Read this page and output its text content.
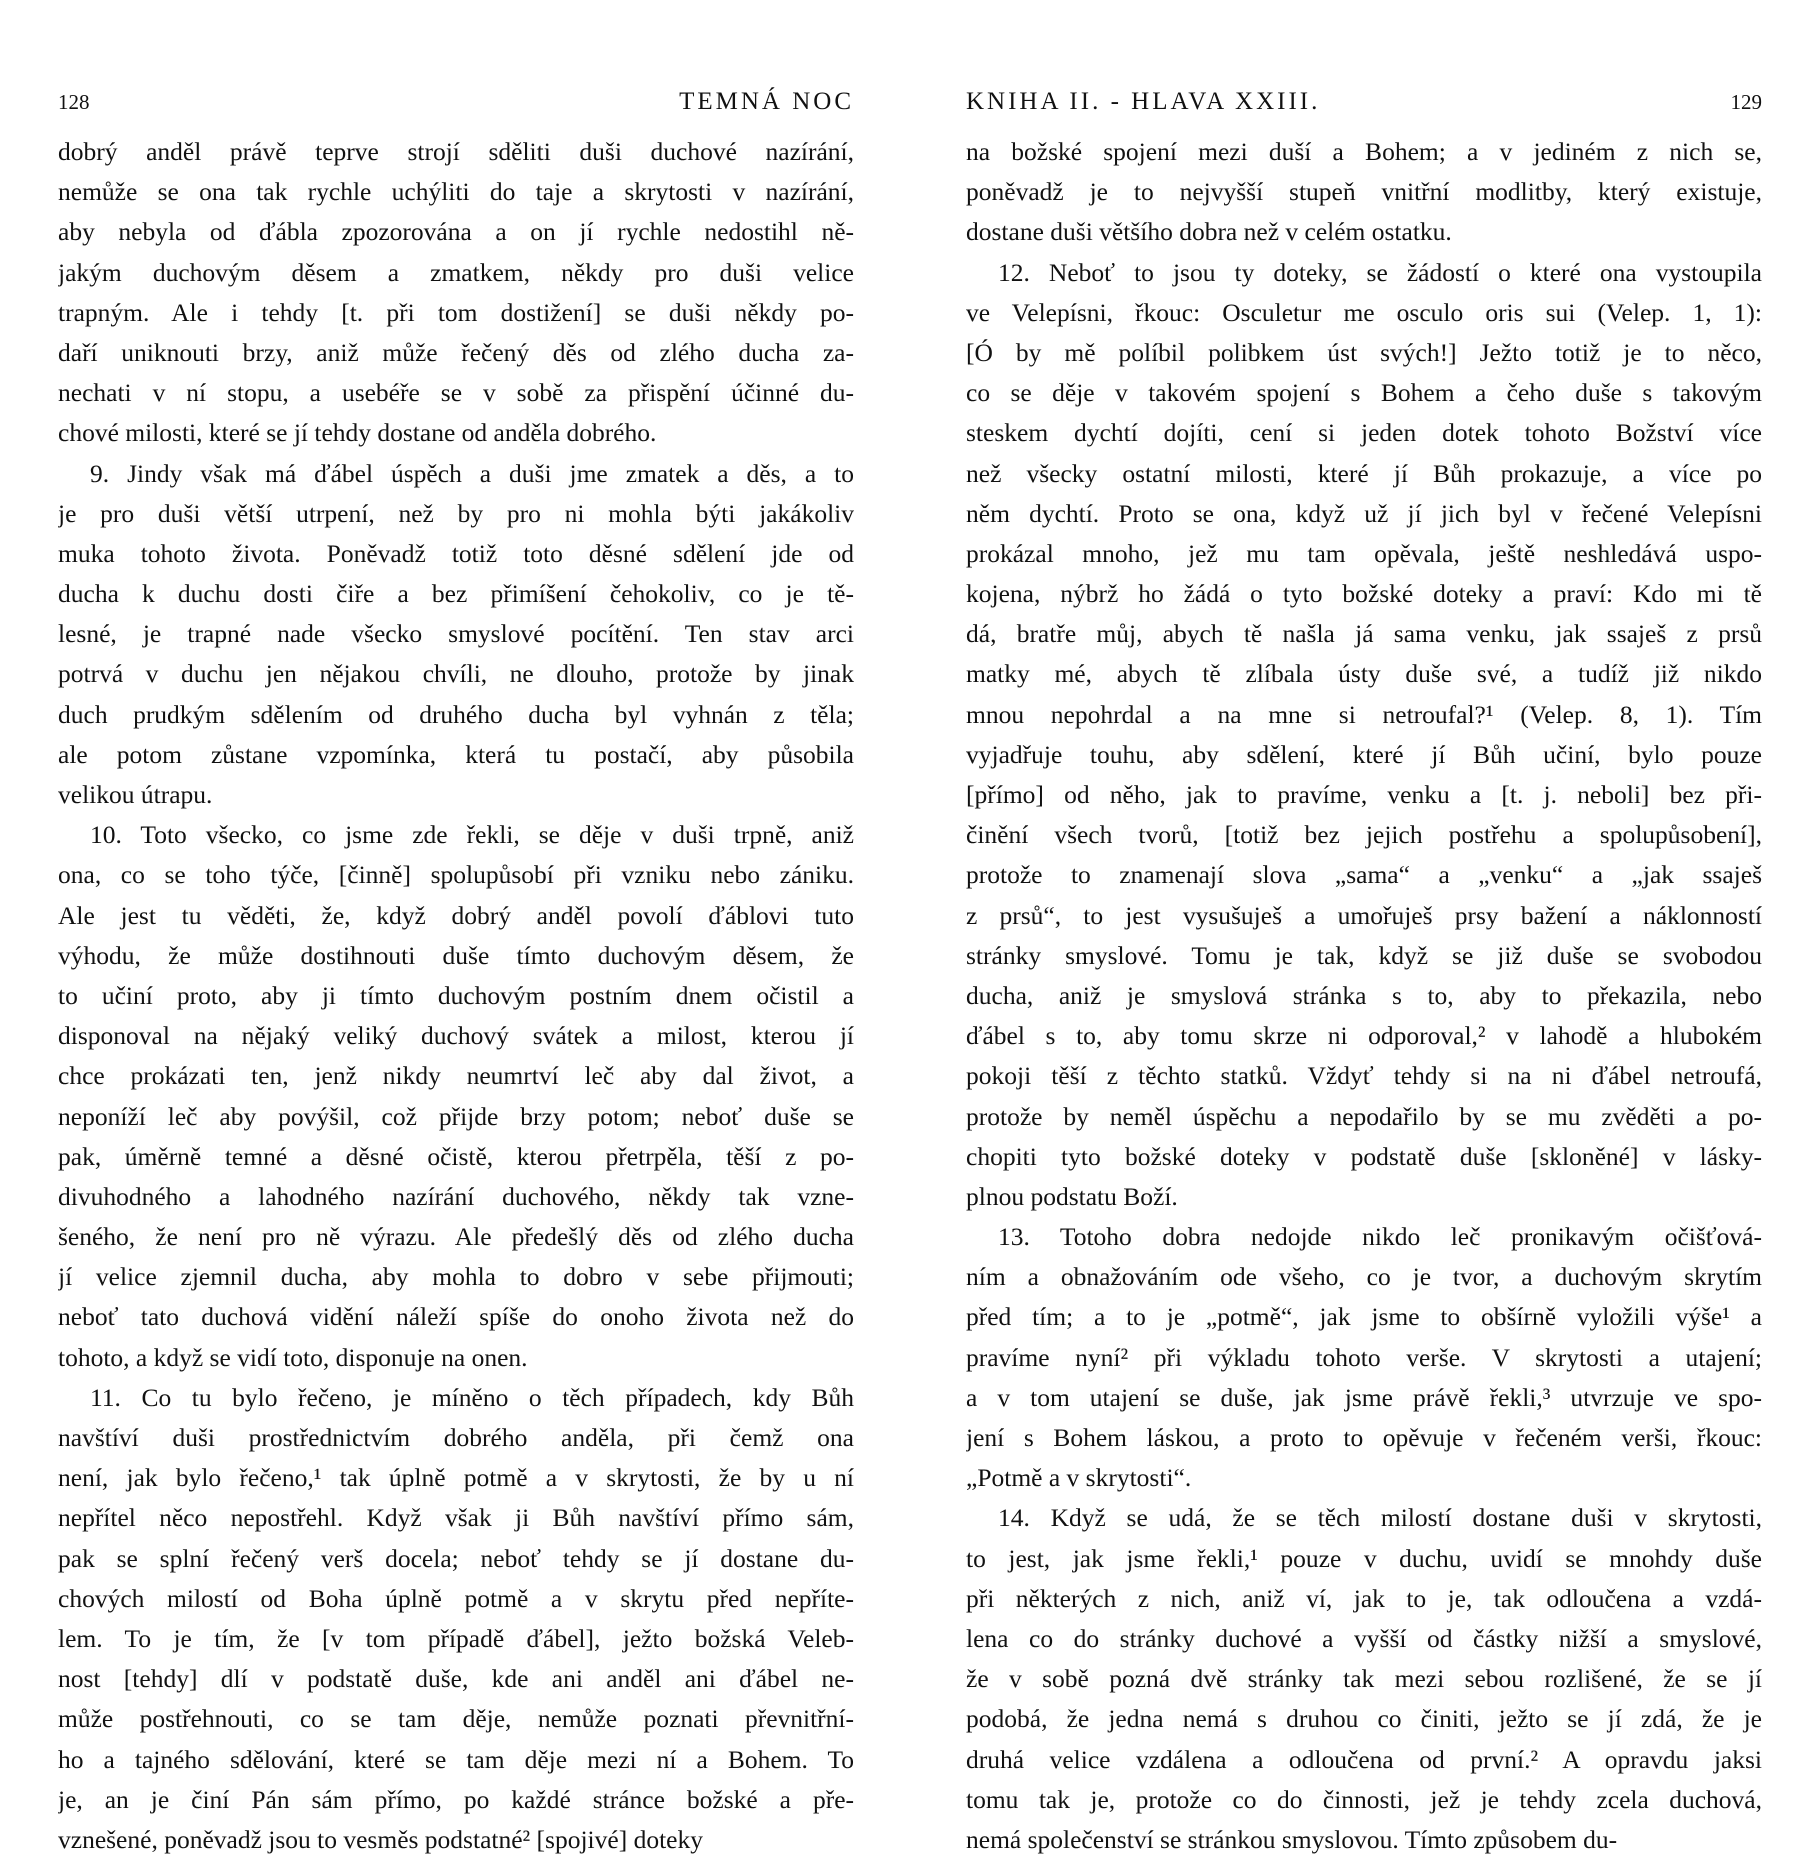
128	TEMNÁ NOC
dobrý anděl právě teprve strojí sděliti duši duchové nazírání,
nemůže se ona tak rychle uchýliti do taje a skrytosti v nazírání,
aby nebyla od ďábla zpozorována a on jí rychle nedostihl ně-
jakým duchovým děsem a zmatkem, někdy pro duši velice
trapným. Ale i tehdy [t. při tom dostižení] se duši někdy po-
daří uniknouti brzy, aniž může řečený děs od zlého ducha za-
nechati v ní stopu, a usebéře se v sobě za přispění účinné du-
chové milosti, které se jí tehdy dostane od anděla dobrého.
9. Jindy však má ďábel úspěch a duši jme zmatek a děs, a to
je pro duši větší utrpení, než by pro ni mohla býti jakákoliv
muka tohoto života. Poněvadž totiž toto děsné sdělení jde od
ducha k duchu dosti čiře a bez přimíšení čehokoliv, co je tě-
lesné, je trapné nade všecko smyslové pocítění. Ten stav arci
potrvá v duchu jen nějakou chvíli, ne dlouho, protože by jinak
duch prudkým sdělením od druhého ducha byl vyhnán z těla;
ale potom zůstane vzpomínka, která tu postačí, aby působila
velikou útrapu.
10. Toto všecko, co jsme zde řekli, se děje v duši trpně, aniž
ona, co se toho týče, [činně] spolupůsobí při vzniku nebo zániku.
Ale jest tu věděti, že, když dobrý anděl povolí ďáblovi tuto
výhodu, že může dostihnouti duše tímto duchovým děsem, že
to učiní proto, aby ji tímto duchovým postním dnem očistil a
disponoval na nějaký veliký duchový svátek a milost, kterou jí
chce prokázati ten, jenž nikdy neumrtví leč aby dal život, a
neponíží leč aby povýšil, což přijde brzy potom; neboť duše se
pak, úměrně temné a děsné očistě, kterou přetrpěla, těší z po-
divuhodného a lahodného nazírání duchového, někdy tak vzne-
šeného, že není pro ně výrazu. Ale předešlý děs od zlého ducha
jí velice zjemnil ducha, aby mohla to dobro v sebe přijmouti;
neboť tato duchová vidění náleží spíše do onoho života než do
tohoto, a když se vidí toto, disponuje na onen.
11. Co tu bylo řečeno, je míněno o těch případech, kdy Bůh
navštíví duši prostřednictvím dobrého anděla, při čemž ona
není, jak bylo řečeno,¹ tak úplně potmě a v skrytosti, že by u ní
nepřítel něco nepostřehl. Když však ji Bůh navštíví přímo sám,
pak se splní řečený verš docela; neboť tehdy se jí dostane du-
chových milostí od Boha úplně potmě a v skrytu před nepříte-
lem. To je tím, že [v tom případě ďábel], ježto božská Veleb-
nost [tehdy] dlí v podstatě duše, kde ani anděl ani ďábel ne-
může postřehnouti, co se tam děje, nemůže poznati převnitřní-
ho a tajného sdělování, které se tam děje mezi ní a Bohem. To
je, an je činí Pán sám přímo, po každé stránce božské a pře-
vznešené, poněvadž jsou to vesměs podstatné² [spojivé] doteky
KNIHA II. - HLAVA XXIII.	129
na božské spojení mezi duší a Bohem; a v jediném z nich se,
poněvadž je to nejvyšší stupeň vnitřní modlitby, který existuje,
dostane duši většího dobra než v celém ostatku.
12. Neboť to jsou ty doteky, se žádostí o které ona vystoupila
ve Velepísni, řkouc: Osculetur me osculo oris sui (Velep. 1, 1):
[Ó by mě políbil polibkem úst svých!] Ježto totiž je to něco,
co se děje v takovém spojení s Bohem a čeho duše s takovým
steskem dychtí dojíti, cení si jeden dotek tohoto Božství více
než všecky ostatní milosti, které jí Bůh prokazuje, a více po
něm dychtí. Proto se ona, když už jí jich byl v řečené Velepísni
prokázal mnoho, jež mu tam opěvala, ještě neshledává uspo-
kojena, nýbrž ho žádá o tyto božské doteky a praví: Kdo mi tě
dá, bratře můj, abych tě našla já sama venku, jak ssaješ z prsů
matky mé, abych tě zlíbala ústy duše své, a tudíž již nikdo
mnou nepohrdal a na mne si netroufal?¹ (Velep. 8, 1). Tím
vyjadřuje touhu, aby sdělení, které jí Bůh učiní, bylo pouze
[přímo] od něho, jak to pravíme, venku a [t. j. neboli] bez při-
činění všech tvorů, [totiž bez jejich postřehu a spolupůsobení],
protože to znamenají slova „sama“ a „venku“ a „jak ssaješ
z prsů“, to jest vysušuješ a umořuješ prsy bažení a náklonností
stránky smyslové. Tomu je tak, když se již duše se svobodou
ducha, aniž je smyslová stránka s to, aby to překazila, nebo
ďábel s to, aby tomu skrze ni odporoval,² v lahodě a hlubokém
pokoji těší z těchto statků. Vždyť tehdy si na ni ďábel netroufá,
protože by neměl úspěchu a nepodařilo by se mu zvěděti a po-
chopiti tyto božské doteky v podstatě duše [skloněné] v lásky-
plnou podstatu Boží.
13. Totoho dobra nedojde nikdo leč pronikavým očišťová-
ním a obnažováním ode všeho, co je tvor, a duchovým skrytím
před tím; a to je „potmě“, jak jsme to obšírně vyložili výše¹ a
pravíme nyní² při výkladu tohoto verše. V skrytosti a utajení;
a v tom utajení se duše, jak jsme právě řekli,³ utvrzuje ve spo-
jení s Bohem láskou, a proto to opěvuje v řečeném verši, řkouc:
„Potmě a v skrytosti“.
14. Když se udá, že se těch milostí dostane duši v skrytosti,
to jest, jak jsme řekli,¹ pouze v duchu, uvidí se mnohdy duše
při některých z nich, aniž ví, jak to je, tak odloučena a vzdá-
lena co do stránky duchové a vyšší od částky nižší a smyslové,
že v sobě pozná dvě stránky tak mezi sebou rozlišené, že se jí
podobá, že jedna nemá s druhou co činiti, ježto se jí zdá, že je
druhá velice vzdálena a odloučena od první.² A opravdu jaksi
tomu tak je, protože co do činnosti, jež je tehdy zcela duchová,
nemá společenství se stránkou smyslovou. Tímto způsobem du-
